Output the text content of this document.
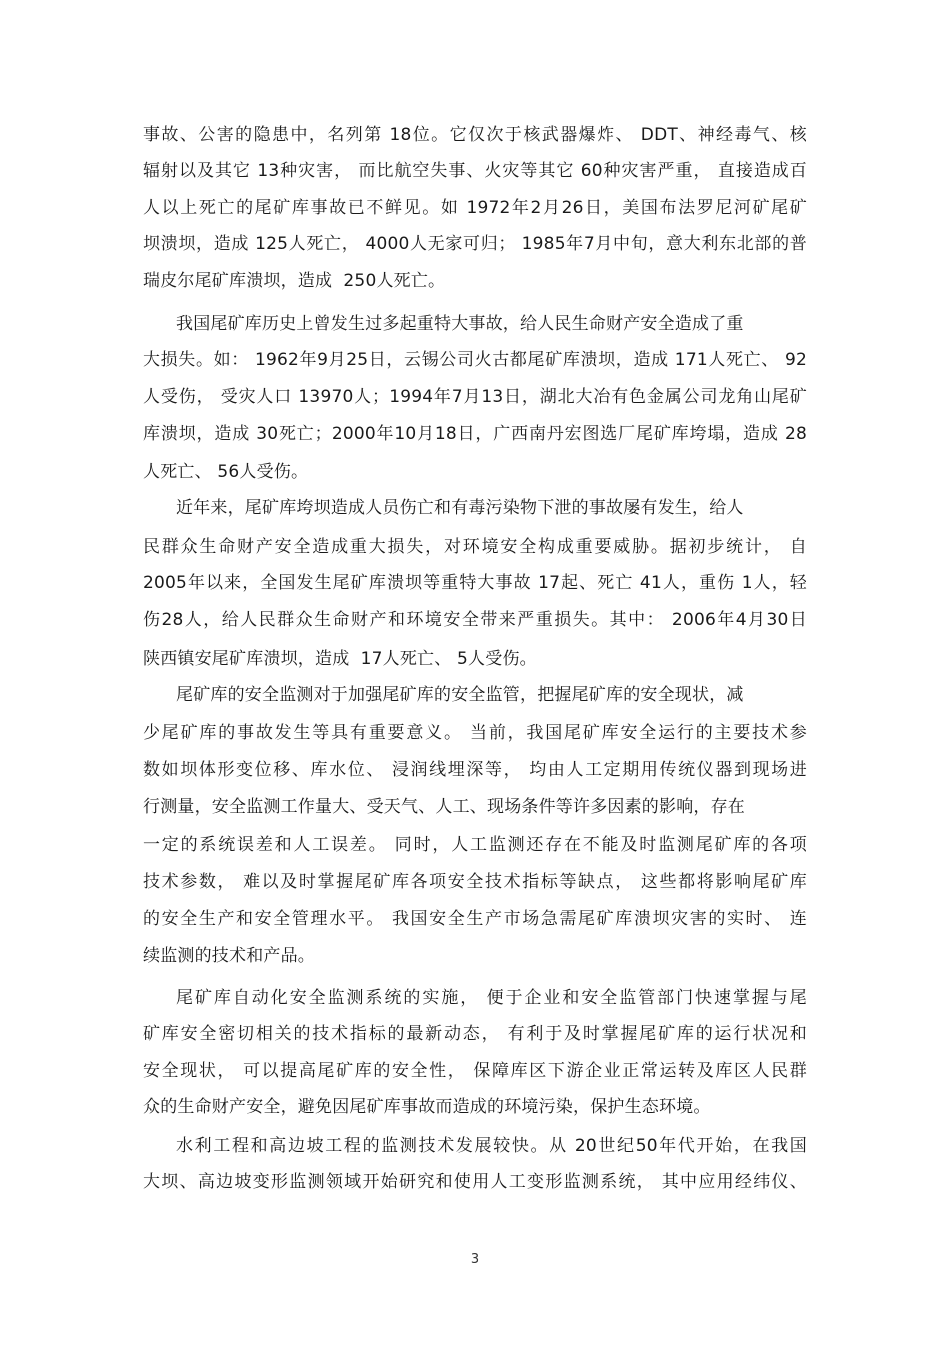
事故、公害的隐患中，名列第 18位。它仅次于核武器爆炸、 DDT、神经毒气、核
辐射以及其它 13种灾害， 而比航空失事、火灾等其它 60种灾害严重， 直接造成百
人以上死亡的尾矿库事故已不鲜见。如 1972年2月26日，美国布法罗尼河矿尾矿
坝溃坝，造成 125人死亡， 4000人无家可归； 1985年7月中旬，意大利东北部的普
瑞皮尔尾矿库溃坝，造成  250人死亡。
我国尾矿库历史上曾发生过多起重特大事故，给人民生命财产安全造成了重
大损失。如： 1962年9月25日，云锡公司火古都尾矿库溃坝，造成 171人死亡、 92
人受伤， 受灾人口 13970人；1994年7月13日，湖北大冶有色金属公司龙角山尾矿
库溃坝，造成 30死亡；2000年10月18日，广西南丹宏图选厂尾矿库垮塌，造成 28
人死亡、 56人受伤。
近年来，尾矿库垮坝造成人员伤亡和有毒污染物下泄的事故屡有发生，给人
民群众生命财产安全造成重大损失，对环境安全构成重要威胁。据初步统计， 自
2005年以来，全国发生尾矿库溃坝等重特大事故 17起、死亡 41人，重伤 1人，轻
伤28人，给人民群众生命财产和环境安全带来严重损失。其中： 2006年4月30日
陕西镇安尾矿库溃坝，造成  17人死亡、 5人受伤。
尾矿库的安全监测对于加强尾矿库的安全监管，把握尾矿库的安全现状，减
少尾矿库的事故发生等具有重要意义。 当前，我国尾矿库安全运行的主要技术参
数如坝体形变位移、库水位、 浸润线埋深等， 均由人工定期用传统仪器到现场进
行测量，安全监测工作量大、受天气、人工、现场条件等许多因素的影响，存在
一定的系统误差和人工误差。 同时，人工监测还存在不能及时监测尾矿库的各项
技术参数， 难以及时掌握尾矿库各项安全技术指标等缺点， 这些都将影响尾矿库
的安全生产和安全管理水平。 我国安全生产市场急需尾矿库溃坝灾害的实时、 连
续监测的技术和产品。
尾矿库自动化安全监测系统的实施， 便于企业和安全监管部门快速掌握与尾
矿库安全密切相关的技术指标的最新动态， 有利于及时掌握尾矿库的运行状况和
安全现状， 可以提高尾矿库的安全性， 保障库区下游企业正常运转及库区人民群
众的生命财产安全，避免因尾矿库事故而造成的环境污染，保护生态环境。
水利工程和高边坡工程的监测技术发展较快。从 20世纪50年代开始，在我国
大坝、高边坡变形监测领域开始研究和使用人工变形监测系统， 其中应用经纬仪、
3
